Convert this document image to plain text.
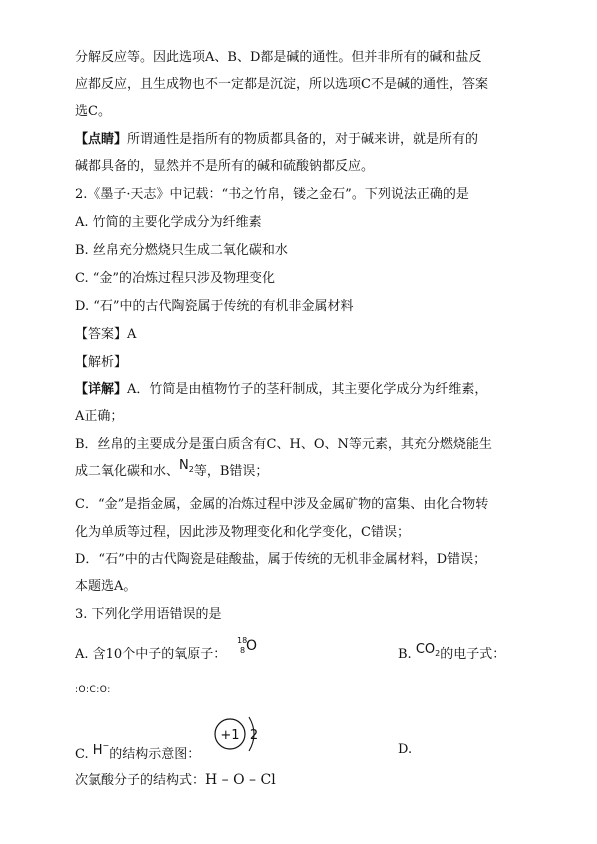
分解反应等。因此选项A、B、D都是碱的通性。但并非所有的碱和盐反
应都反应，且生成物也不一定都是沉淀，所以选项C不是碱的通性，答案
选C。
【点睛】所谓通性是指所有的物质都具备的，对于碱来讲，就是所有的
碱都具备的，显然并不是所有的碱和硫酸钠都反应。
2.《墨子·天志》中记载：“书之竹帛，镂之金石”。下列说法正确的是
A. 竹简的主要化学成分为纤维素
B. 丝帛充分燃烧只生成二氧化碳和水
C. “金”的冶炼过程只涉及物理变化
D. “石”中的古代陶瓷属于传统的有机非金属材料
【答案】A
【解析】
【详解】A．竹简是由植物竹子的茎秆制成，其主要化学成分为纤维素，
A正确；
B．丝帛的主要成分是蛋白质含有C、H、O、N等元素，其充分燃烧能生
成二氧化碳和水、$N^2$等，B错误；
C．“金”是指金属，金属的冶炼过程中涉及金属矿物的富集、由化合物转
化为单质等过程，因此涉及物理变化和化学变化，C错误；
D．“石”中的古代陶瓷是硅酸盐，属于传统的无机非金属材料，D错误；
本题选A。
3. 下列化学用语错误的是
A. 含10个中子的氧原子：
18
8 O
B. $CO_2$的电子式：
:O:C:O:
C. H−的结构示意图：
+1 2
D.
次氯酸分子的结构式：H – O – Cl
